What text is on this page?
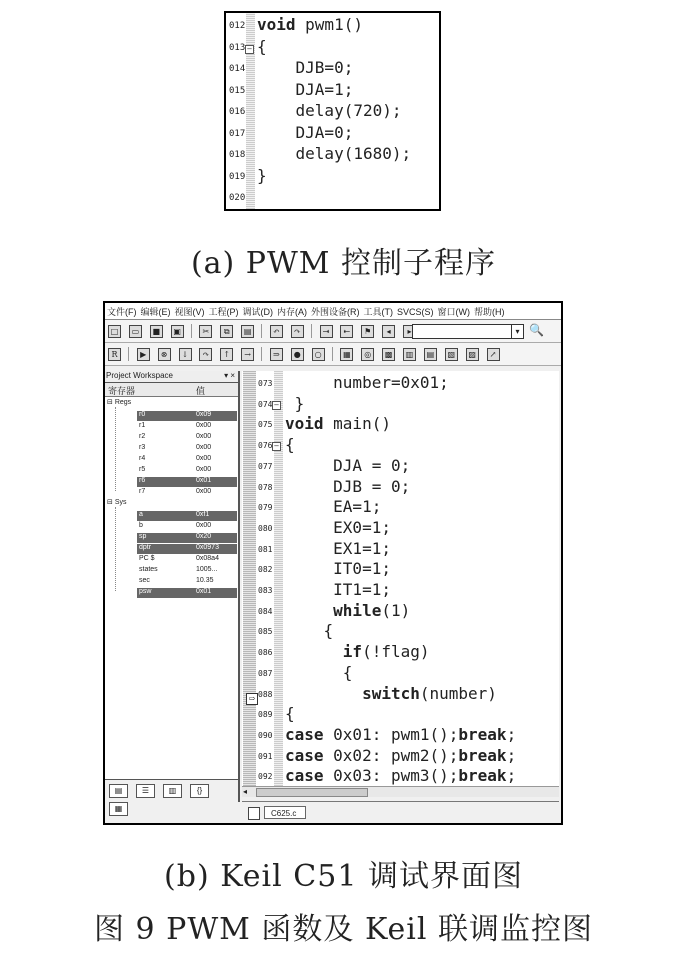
012 void pwm1()
013 − {
014 DJB=0;
015 DJA=1;
016 delay(720);
017 DJA=0;
018 delay(1680);
019 }
020
(a) PWM 控制子程序
文件(F) 编辑(E) 视图(V) 工程(P) 调试(D) 内存(A) 外围设备(R) 工具(T) SVCS(S) 窗口(W) 帮助(H)
□ ▭ ■ ▣	✂ ⧉ ▤	↶ ↷	⇥ ⇤ ⚑ ◂ ▸	▾ 🔍
R	▶ ⊗ ↓ ↷ ↑ →	⇒ ● ○	▦ ◎ ▩ ▥ ▤ ▧ ▨ ↗
Project Workspace	▾ ×
寄存器	值
⊟ Regs
r0	0x09
r1	0x00
r2	0x00
r3	0x00
r4	0x00
r5	0x00
r6	0x01
r7	0x00
⊟ Sys
a	0xf1
b	0x00
sp	0x20
dptr	0x0973
PC $	0x08a4
states	1005...
sec	10.35
psw	0x01
▤ ☰ ▥	{}▦
⇨
073 number=0x01;
074 − }
075 void main()
076 − {
077 DJA = 0;
078 DJB = 0;
079 EA=1;
080 EX0=1;
081 EX1=1;
082 IT0=1;
083 IT1=1;
084 while(1)
085 {
086 if(!flag)
087 {
088 switch(number)
089 {
090 case 0x01: pwm1();break;
091 case 0x02: pwm2();break;
092 case 0x03: pwm3();break;
◂
C625.c
(b) Keil C51 调试界面图
图 9 PWM 函数及 Keil 联调监控图
